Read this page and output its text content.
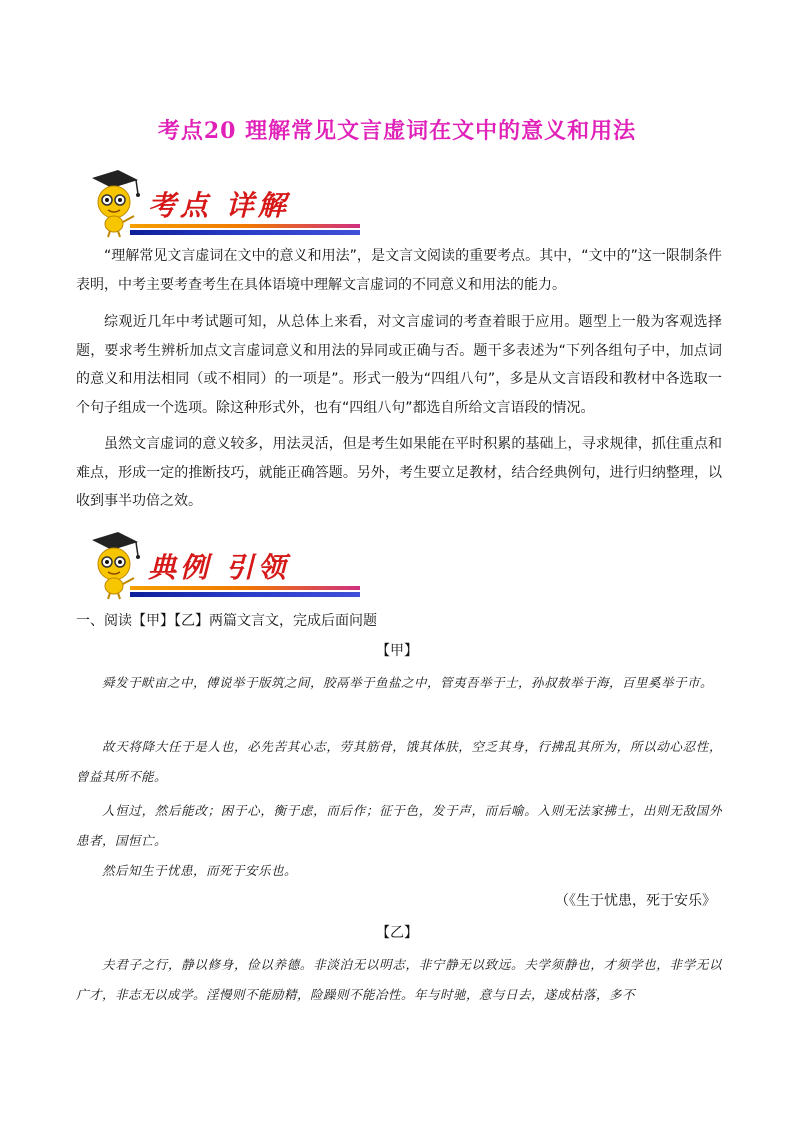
考点20 理解常见文言虚词在文中的意义和用法
考点 详解

“理解常见文言虚词在文中的意义和用法”，是文言文阅读的重要考点。其中，“文中的”这一限制条件表明，中考主要考查考生在具体语境中理解文言虚词的不同意义和用法的能力。

综观近几年中考试题可知，从总体上来看，对文言虚词的考查着眼于应用。题型上一般为客观选择题，要求考生辨析加点文言虚词意义和用法的异同或正确与否。题干多表述为“下列各组句子中，加点词的意义和用法相同（或不相同）的一项是”。形式一般为“四组八句”，多是从文言语段和教材中各选取一个句子组成一个选项。除这种形式外，也有“四组八句”都选自所给文言语段的情况。

虽然文言虚词的意义较多，用法灵活，但是考生如果能在平时积累的基础上，寻求规律，抓住重点和难点，形成一定的推断技巧，就能正确答题。另外，考生要立足教材，结合经典例句，进行归纳整理，以收到事半功倍之效。

典例 引领
一、阅读【甲】【乙】两篇文言文，完成后面问题
【甲】

舜发于畎亩之中，傅说举于版筑之间，胶鬲举于鱼盐之中，管夷吾举于士，孙叔敖举于海，百里奚举于市。

故天将降大任于是人也，必先苦其心志，劳其筋骨，饿其体肤，空乏其身，行拂乱其所为，所以动心忍性，曾益其所不能。

人恒过，然后能改；困于心，衡于虑，而后作；征于色，发于声，而后喻。入则无法家拂士，出则无敌国外患者，国恒亡。

然后知生于忧患，而死于安乐也。

（《生于忧患，死于安乐》
【乙】

夫君子之行，静以修身，俭以养德。非淡泊无以明志，非宁静无以致远。夫学须静也，才须学也，非学无以广才，非志无以成学。淫慢则不能励精，险躁则不能冶性。年与时驰，意与日去，遂成枯落，多不
